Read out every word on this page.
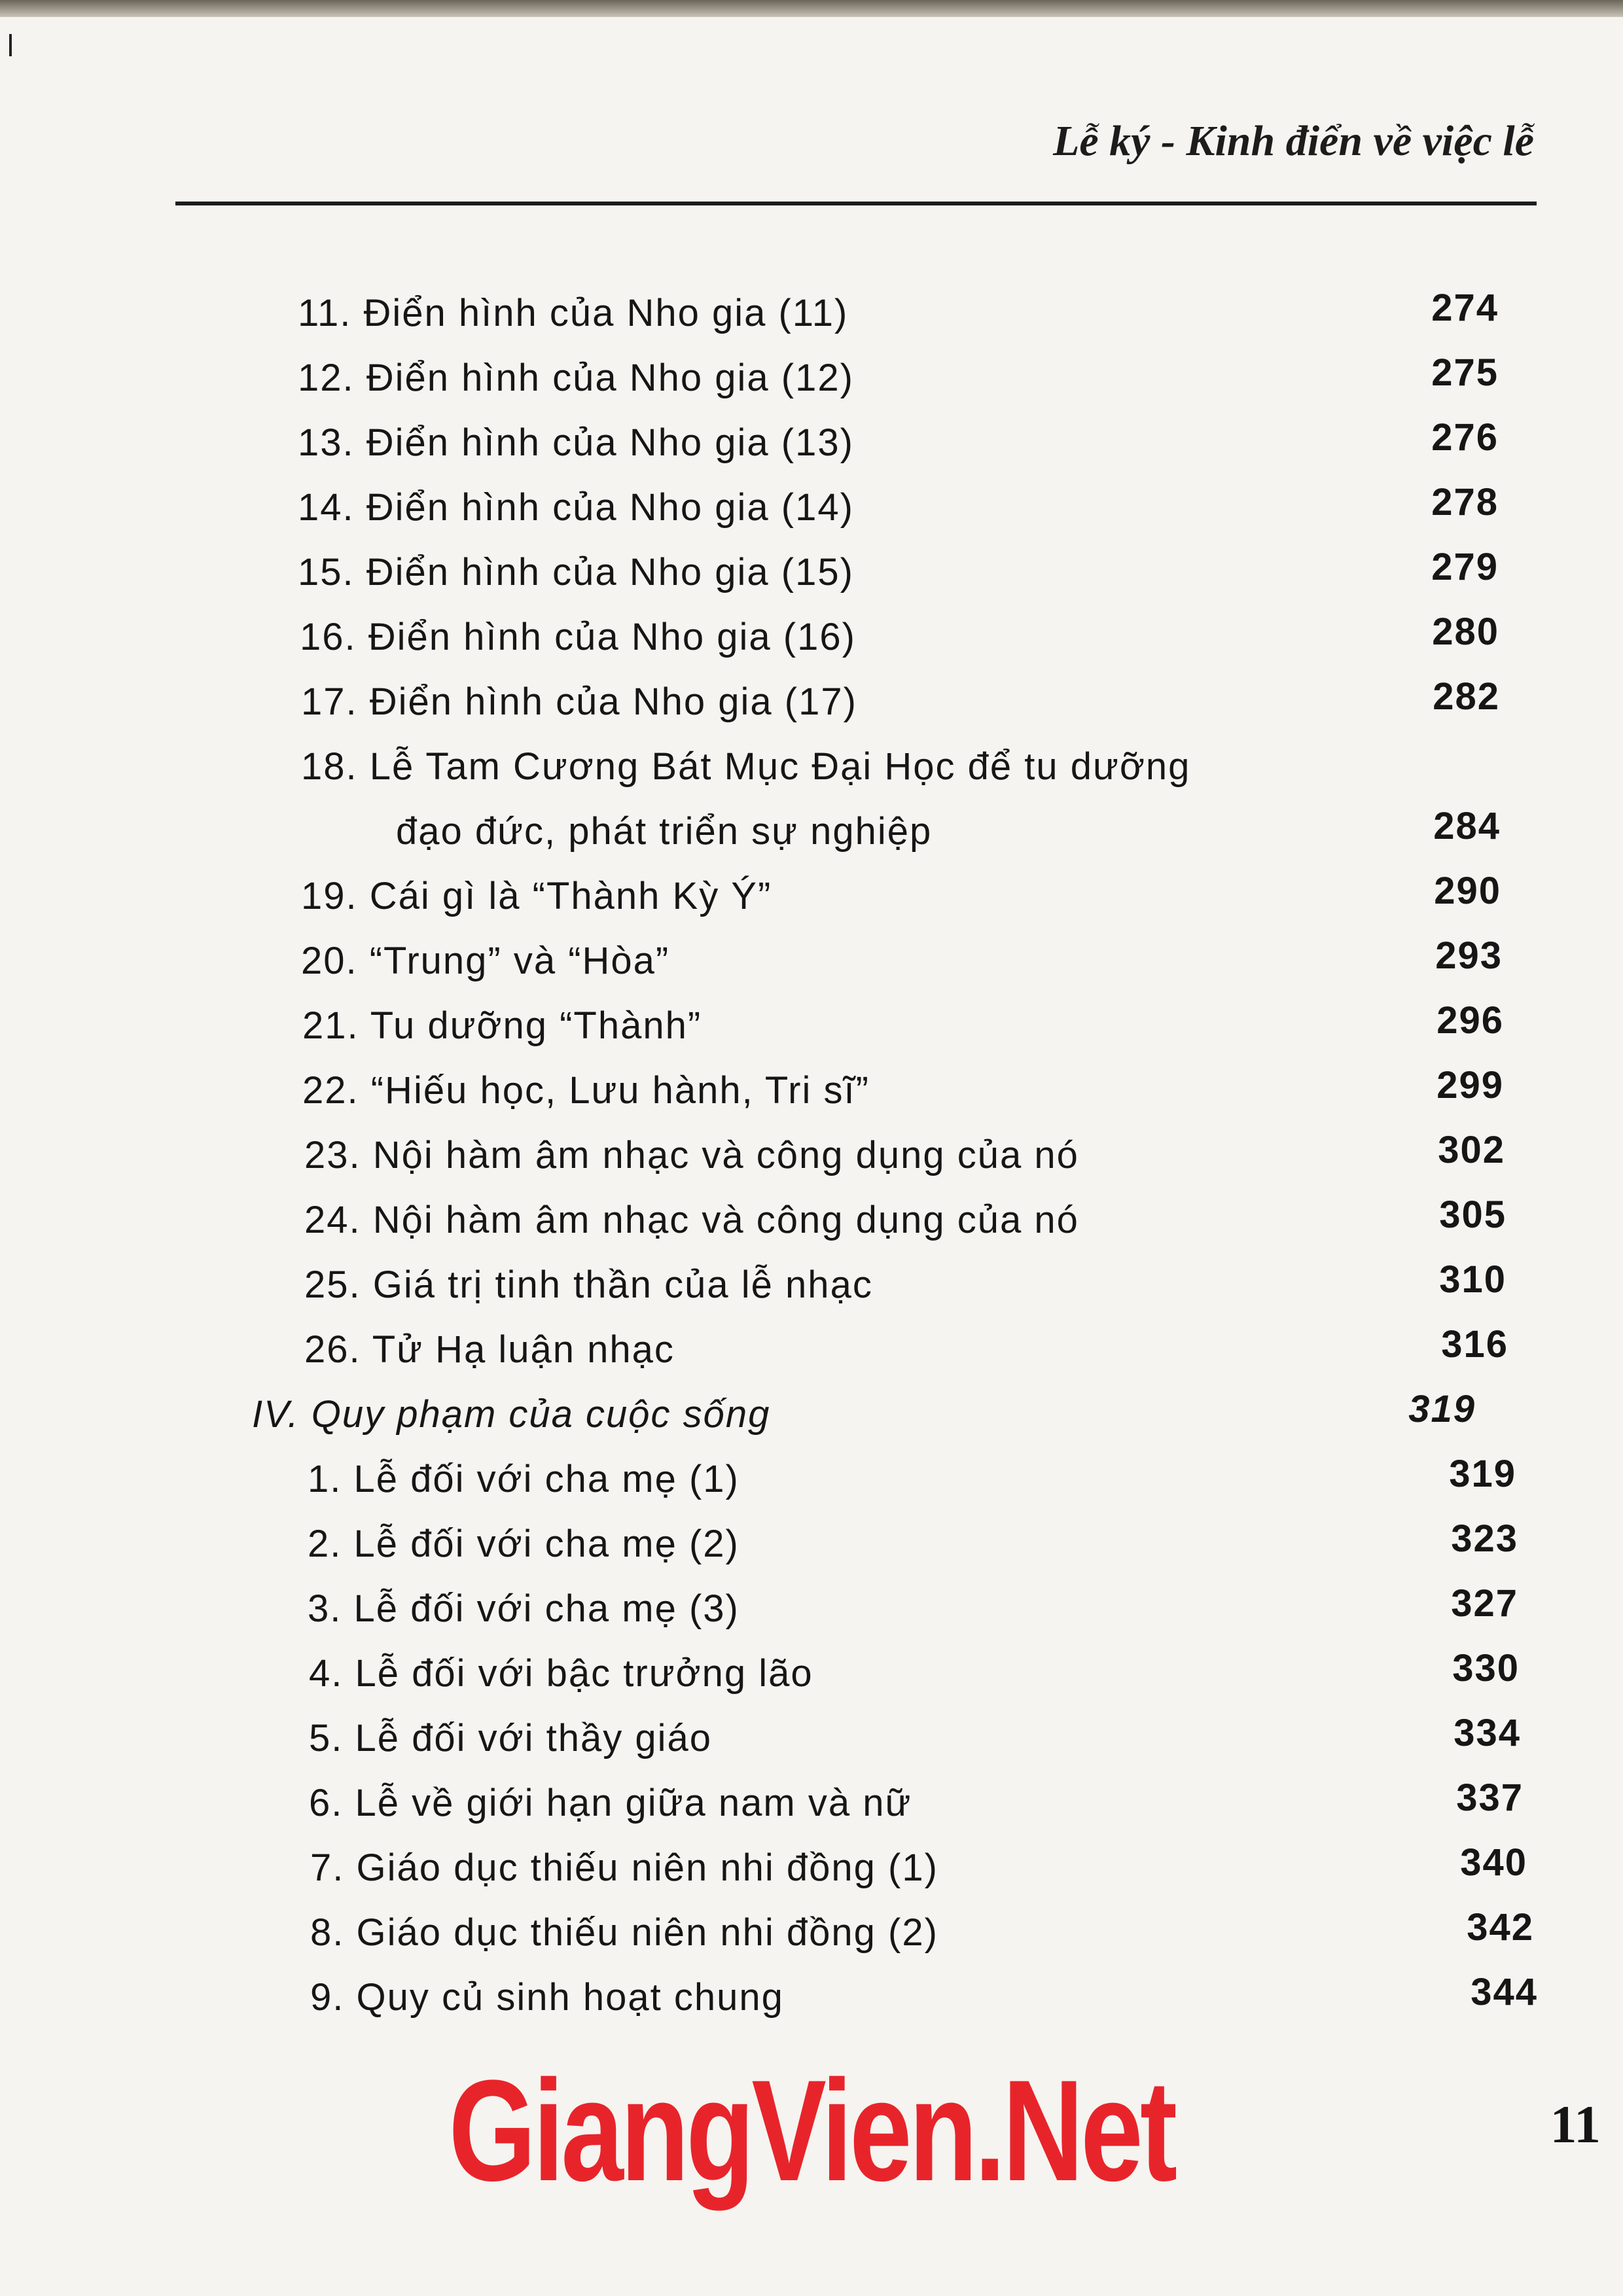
Lễ ký - Kinh điển về việc lễ
11. Điển hình của Nho gia (11)	274
12. Điển hình của Nho gia (12)	275
13. Điển hình của Nho gia (13)	276
14. Điển hình của Nho gia (14)	278
15. Điển hình của Nho gia (15)	279
16. Điển hình của Nho gia (16)	280
17. Điển hình của Nho gia (17)	282
18. Lễ Tam Cương Bát Mục Đại Học để tu dưỡng
đạo đức, phát triển sự nghiệp	284
19. Cái gì là “Thành Kỳ Ý”	290
20. “Trung” và “Hòa”	293
21. Tu dưỡng “Thành”	296
22. “Hiếu học, Lưu hành, Tri sĩ”	299
23. Nội hàm âm nhạc và công dụng của nó	302
24. Nội hàm âm nhạc và công dụng của nó	305
25. Giá trị tinh thần của lễ nhạc	310
26. Tử Hạ luận nhạc	316
IV. Quy phạm của cuộc sống	319
1. Lễ đối với cha mẹ (1)	319
2. Lễ đối với cha mẹ (2)	323
3. Lễ đối với cha mẹ (3)	327
4. Lễ đối với bậc trưởng lão	330
5. Lễ đối với thầy giáo	334
6. Lễ về giới hạn giữa nam và nữ	337
7. Giáo dục thiếu niên nhi đồng (1)	340
8. Giáo dục thiếu niên nhi đồng (2)	342
9. Quy củ sinh hoạt chung	344
GiangVien.Net	11
